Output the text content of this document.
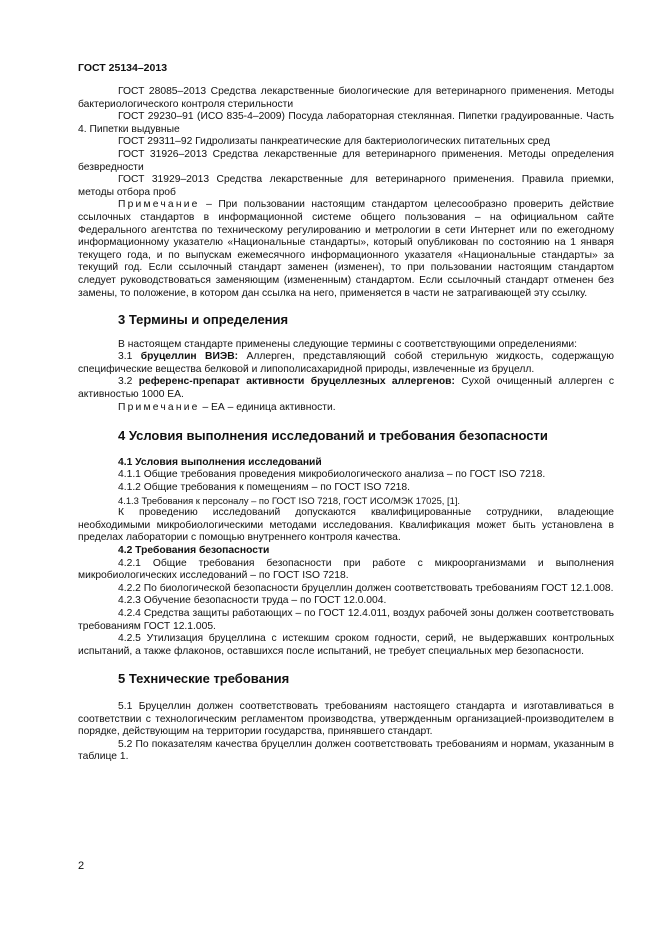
ГОСТ 25134–2013

ГОСТ 28085–2013 Средства лекарственные биологические для ветеринарного применения. Методы бактериологического контроля стерильности

ГОСТ 29230–91 (ИСО 835-4–2009) Посуда лабораторная стеклянная. Пипетки градуированные. Часть 4. Пипетки выдувные

ГОСТ 29311–92 Гидролизаты панкреатические для бактериологических питательных сред

ГОСТ 31926–2013 Средства лекарственные для ветеринарного применения. Методы определения безвредности

ГОСТ 31929–2013 Средства лекарственные для ветеринарного применения. Правила приемки, методы отбора проб

Примечание – При пользовании настоящим стандартом целесообразно проверить действие ссылочных стандартов в информационной системе общего пользования – на официальном сайте Федерального агентства по техническому регулированию и метрологии в сети Интернет или по ежегодному информационному указателю «Национальные стандарты», который опубликован по состоянию на 1 января текущего года, и по выпускам ежемесячного информационного указателя «Национальные стандарты» за текущий год. Если ссылочный стандарт заменен (изменен), то при пользовании настоящим стандартом следует руководствоваться заменяющим (измененным) стандартом. Если ссылочный стандарт отменен без замены, то положение, в котором дан ссылка на него, применяется в части не затрагивающей эту ссылку.

3 Термины и определения

В настоящем стандарте применены следующие термины с соответствующими определениями:

3.1 бруцеллин ВИЭВ: Аллерген, представляющий собой стерильную жидкость, содержащую специфические вещества белковой и липополисахаридной природы, извлеченные из бруцелл.

3.2 референс-препарат активности бруцеллезных аллергенов: Сухой очищенный аллерген с активностью 1000 ЕА.

Примечание – ЕА – единица активности.

4 Условия выполнения исследований и требования безопасности

4.1 Условия выполнения исследований

4.1.1 Общие требования проведения микробиологического анализа – по ГОСТ ISO 7218.

4.1.2 Общие требования к помещениям – по ГОСТ ISO 7218.

4.1.3 Требования к персоналу – по ГОСТ ISO 7218, ГОСТ ИСО/МЭК 17025, [1].

К проведению исследований допускаются квалифицированные сотрудники, владеющие необходимыми микробиологическими методами исследования. Квалификация может быть установлена в пределах лаборатории с помощью внутреннего контроля качества.

4.2 Требования безопасности

4.2.1 Общие требования безопасности при работе с микроорганизмами и выполнения микробиологических исследований – по ГОСТ ISO 7218.

4.2.2 По биологической безопасности бруцеллин должен соответствовать требованиям ГОСТ 12.1.008.

4.2.3 Обучение безопасности труда – по ГОСТ 12.0.004.

4.2.4 Средства защиты работающих – по ГОСТ 12.4.011, воздух рабочей зоны должен соответствовать требованиям ГОСТ 12.1.005.

4.2.5 Утилизация бруцеллина с истекшим сроком годности, серий, не выдержавших контрольных испытаний, а также флаконов, оставшихся после испытаний, не требует специальных мер безопасности.

5 Технические требования

5.1 Бруцеллин должен соответствовать требованиям настоящего стандарта и изготавливаться в соответствии с технологическим регламентом производства, утвержденным организацией-производителем в порядке, действующим на территории государства, принявшего стандарт.

5.2 По показателям качества бруцеллин должен соответствовать требованиям и нормам, указанным в таблице 1.

2
